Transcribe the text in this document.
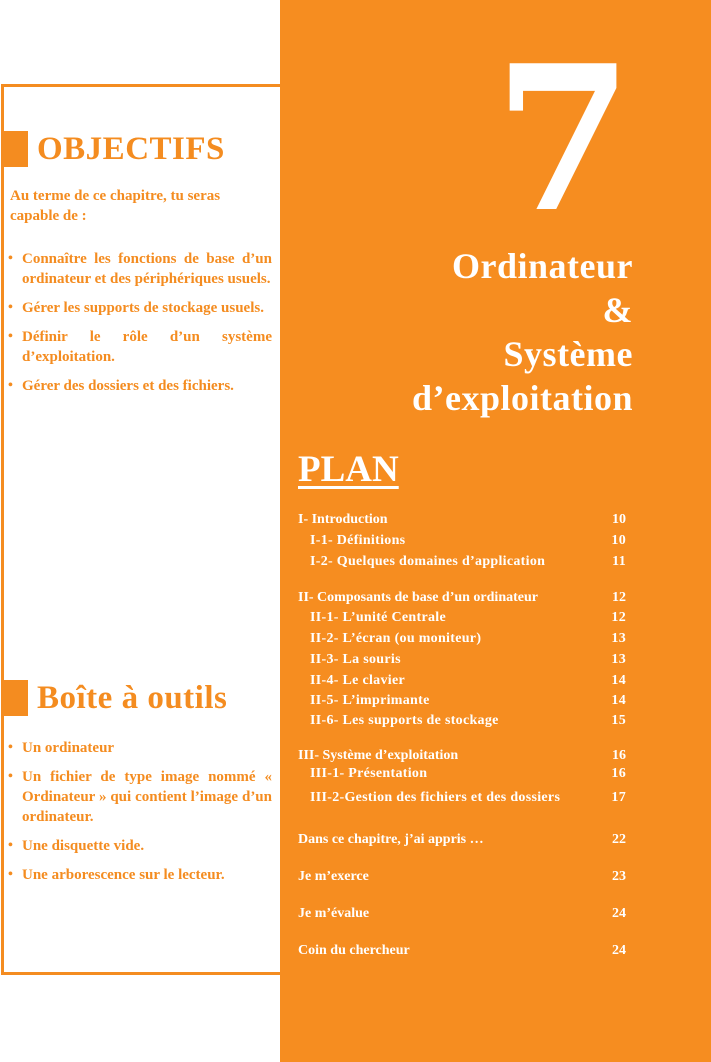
OBJECTIFS
Au terme de ce chapitre, tu seras capable de :
• Connaître les fonctions de base d’un ordinateur et des périphériques usuels.
• Gérer les supports de stockage usuels.
• Définir le rôle d’un système d’exploitation.
• Gérer des dossiers et des fichiers.
Boîte à outils
• Un ordinateur
• Un fichier de type image nommé « Ordinateur » qui contient l’image d’un ordinateur.
• Une disquette vide.
• Une arborescence sur le lecteur.
7
Ordinateur
&
Système
d’exploitation
PLAN
I- Introduction	10
I-1- Définitions	10
I-2- Quelques domaines d’application	11
II- Composants de base d’un ordinateur	12
II-1- L’unité Centrale	12
II-2- L’écran (ou moniteur)	13
II-3- La souris	13
II-4- Le clavier	14
II-5- L’imprimante	14
II-6- Les supports de stockage	15
III- Système d’exploitation	16
III-1- Présentation	16
III-2-Gestion des fichiers et des dossiers	17
Dans ce chapitre, j’ai appris …	22
Je m’exerce	23
Je m’évalue	24
Coin du chercheur	24
